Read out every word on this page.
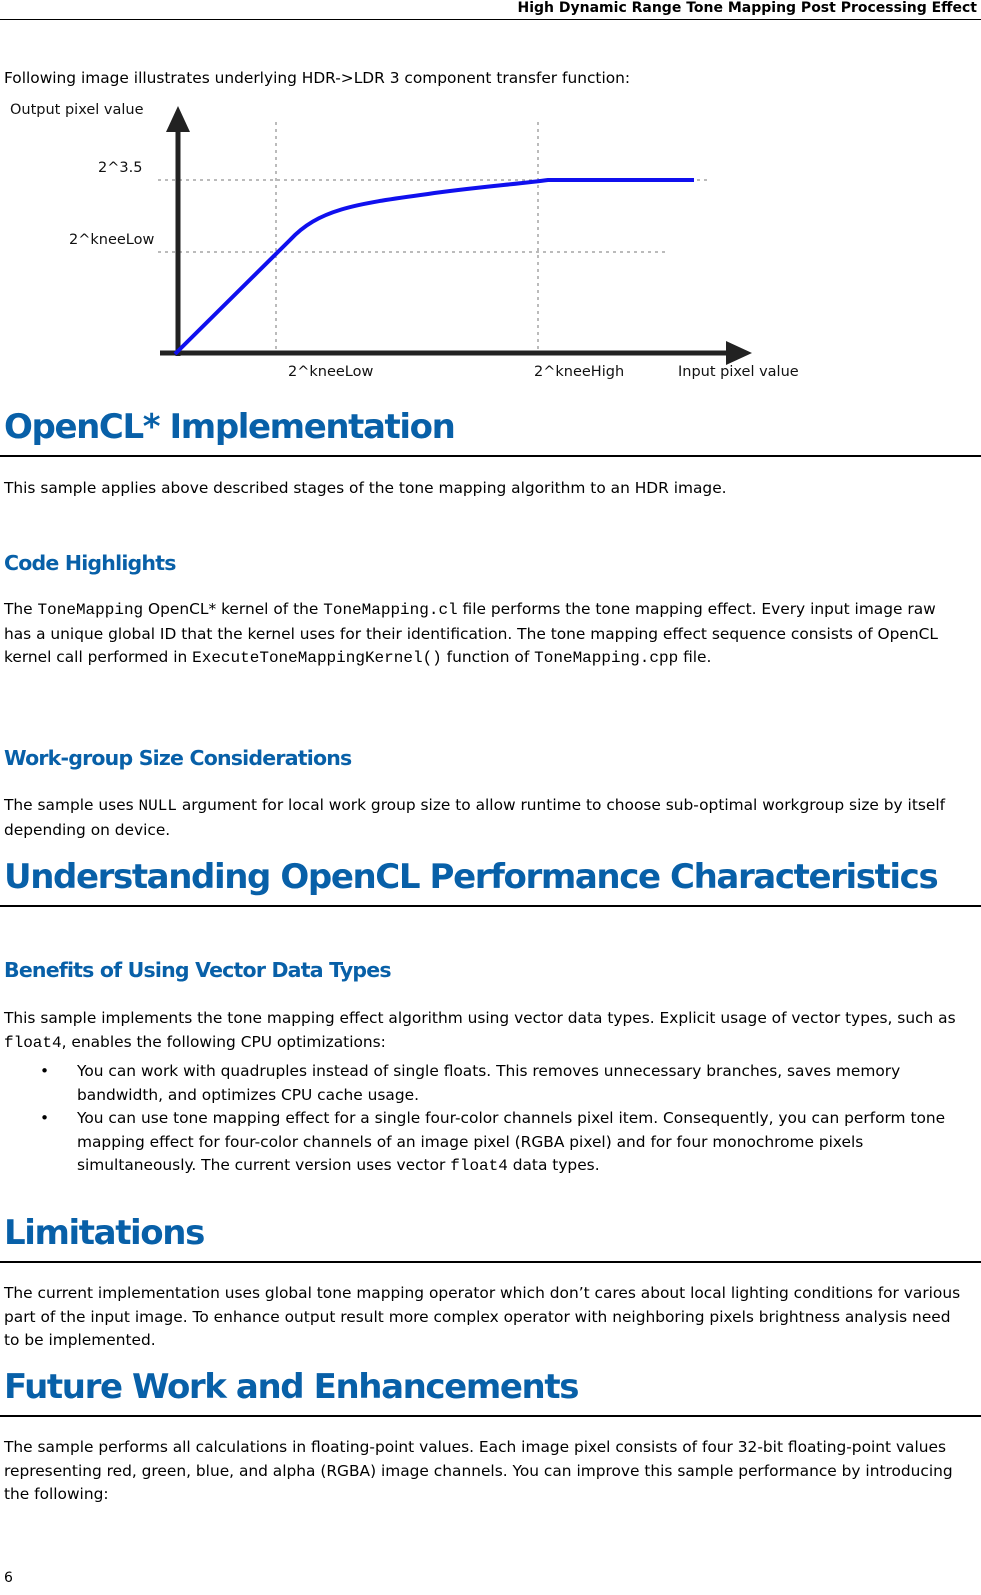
High Dynamic Range Tone Mapping Post Processing Effect
Following image illustrates underlying HDR->LDR 3 component transfer function:
Output pixel value
2^3.5
2^kneeLow
2^kneeLow	2^kneeHigh	Input pixel value
OpenCL* Implementation
This sample applies above described stages of the tone mapping algorithm to an HDR image.
Code Highlights
The ToneMapping OpenCL* kernel of the ToneMapping.cl file performs the tone mapping effect. Every input image raw has a unique global ID that the kernel uses for their identification. The tone mapping effect sequence consists of OpenCL kernel call performed in ExecuteToneMappingKernel() function of ToneMapping.cpp file.
Work-group Size Considerations
The sample uses NULL argument for local work group size to allow runtime to choose sub-optimal workgroup size by itself depending on device.
Understanding OpenCL Performance Characteristics
Benefits of Using Vector Data Types
This sample implements the tone mapping effect algorithm using vector data types. Explicit usage of vector types, such as float4, enables the following CPU optimizations:
• You can work with quadruples instead of single floats. This removes unnecessary branches, saves memory bandwidth, and optimizes CPU cache usage.
• You can use tone mapping effect for a single four-color channels pixel item. Consequently, you can perform tone mapping effect for four-color channels of an image pixel (RGBA pixel) and for four monochrome pixels simultaneously. The current version uses vector float4 data types.
Limitations
The current implementation uses global tone mapping operator which don’t cares about local lighting conditions for various part of the input image. To enhance output result more complex operator with neighboring pixels brightness analysis need to be implemented.
Future Work and Enhancements
The sample performs all calculations in floating-point values. Each image pixel consists of four 32-bit floating-point values representing red, green, blue, and alpha (RGBA) image channels. You can improve this sample performance by introducing the following:
6
